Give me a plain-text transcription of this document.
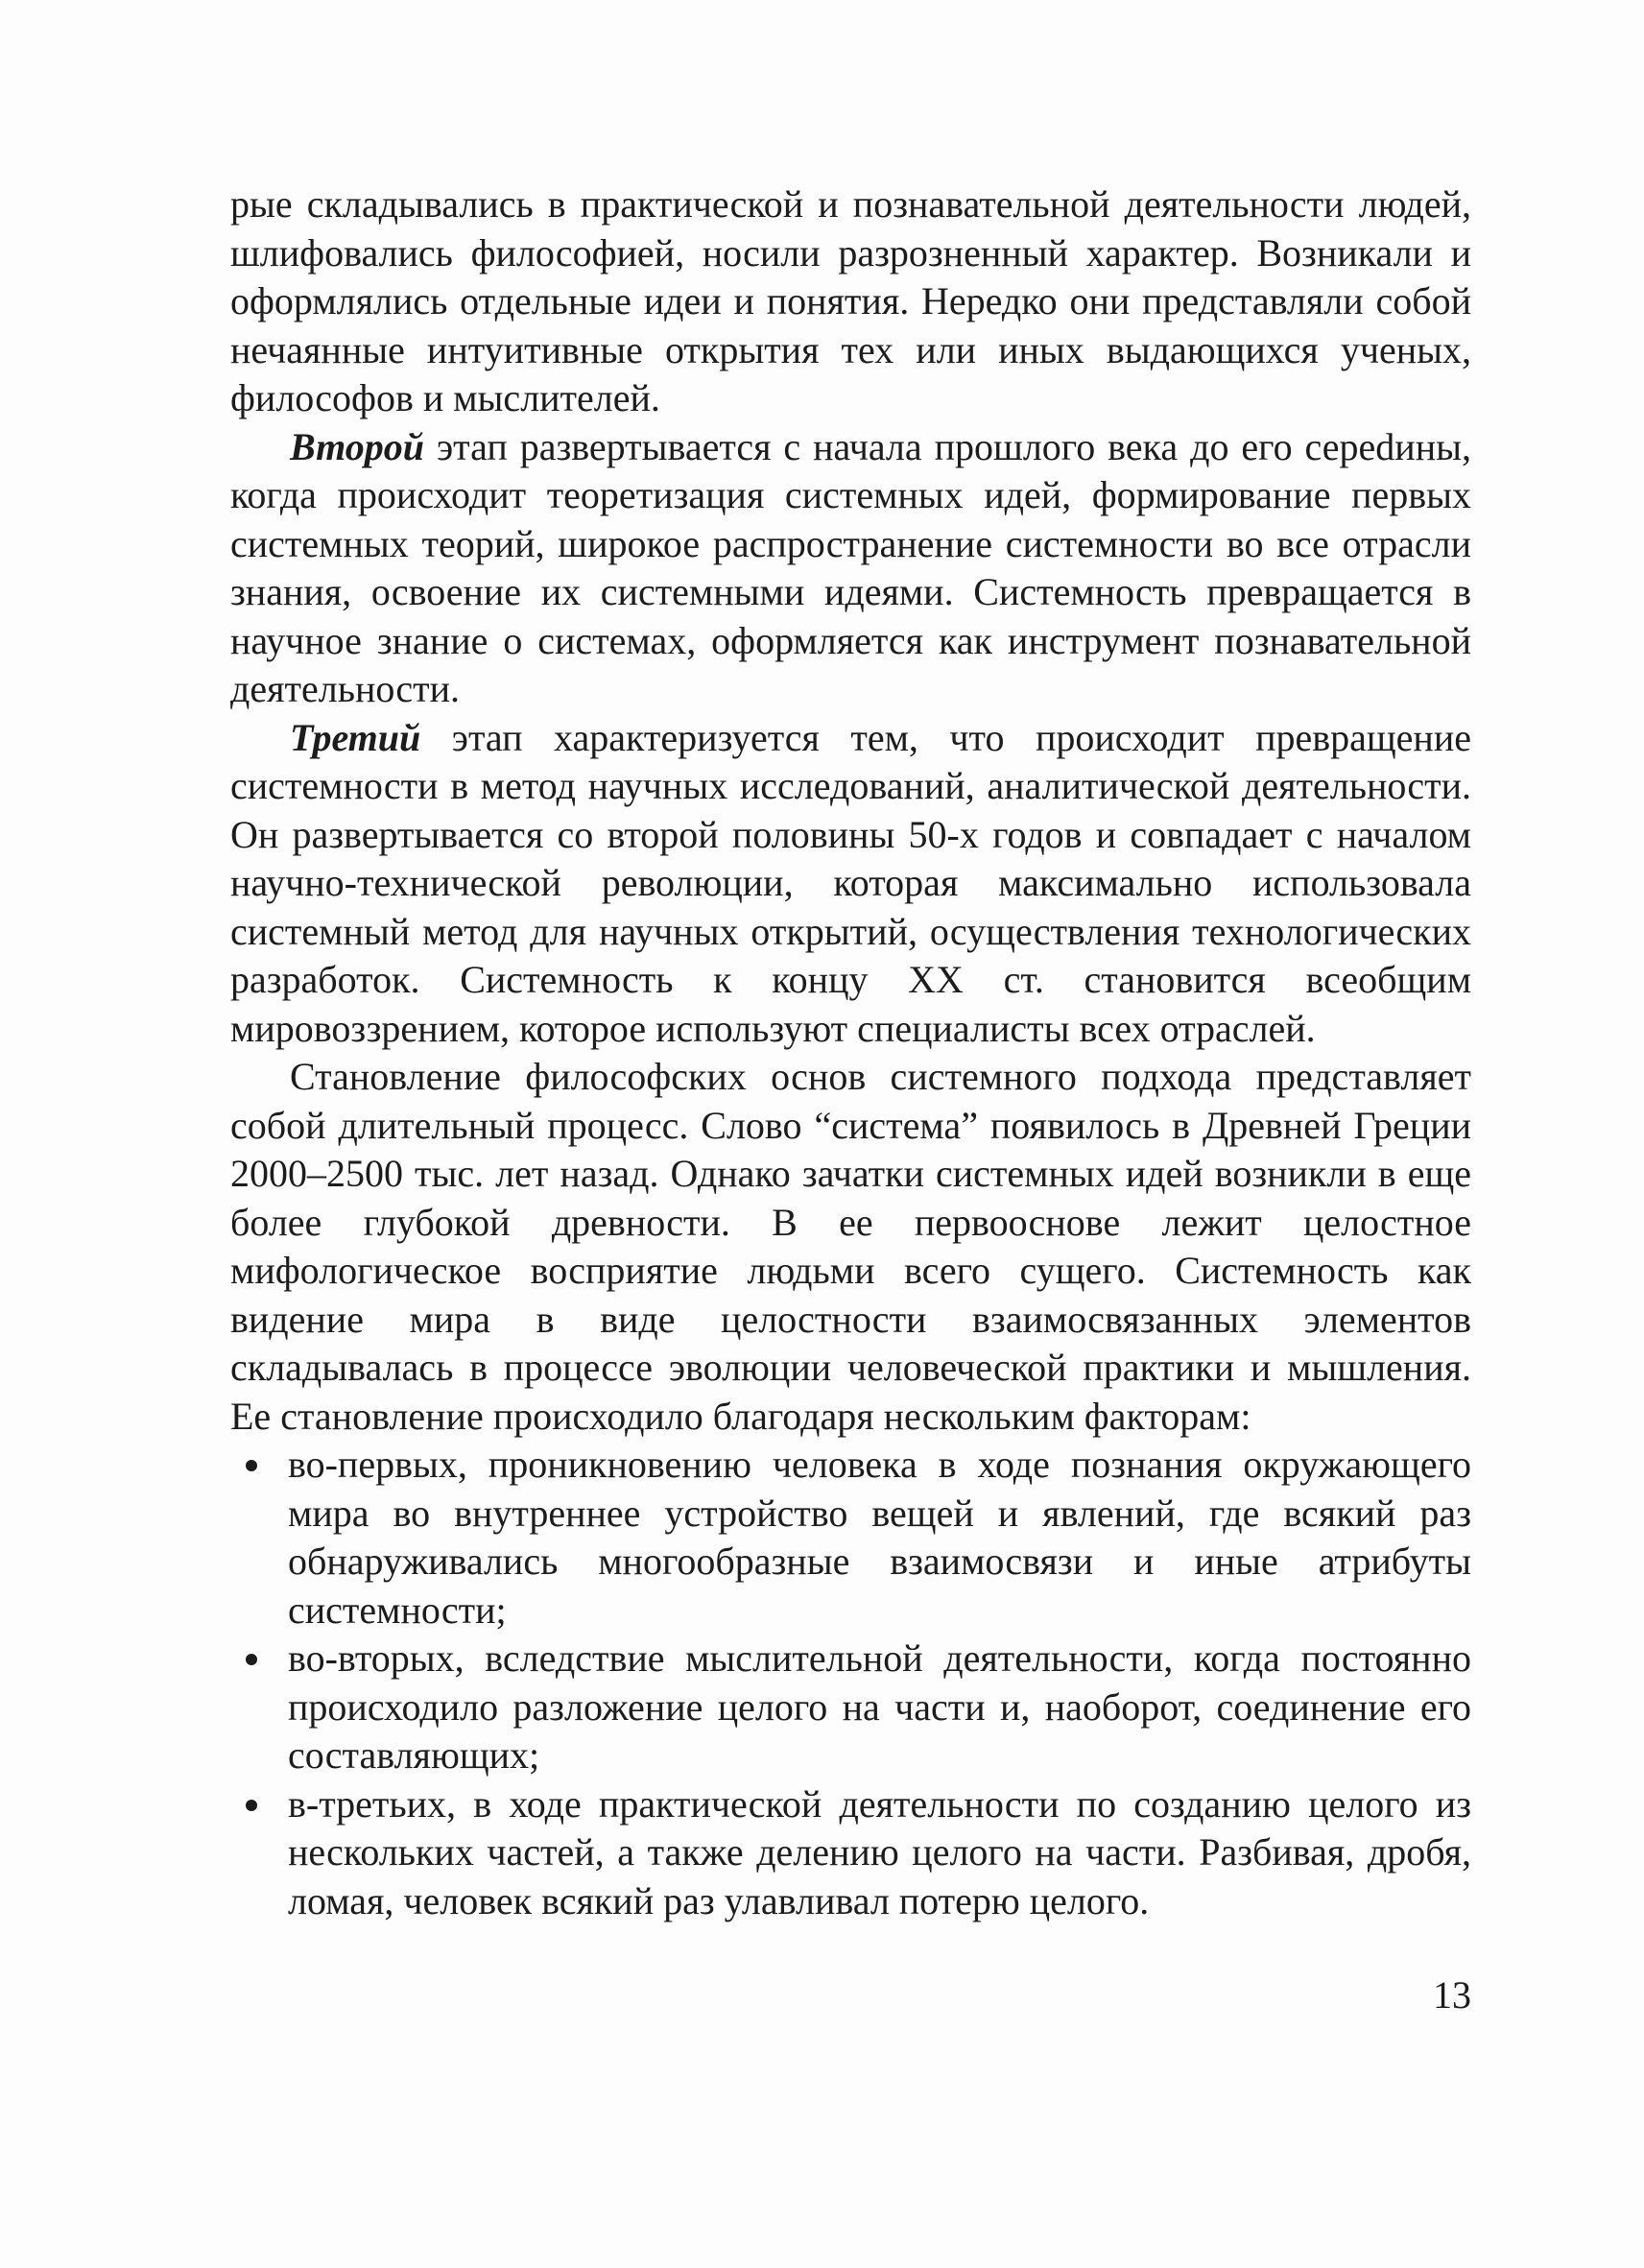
рые складывались в практической и познавательной деятельности людей, шлифовались философией, носили разрозненный характер. Возникали и оформлялись отдельные идеи и понятия. Нередко они представляли собой нечаянные интуитивные открытия тех или иных выдающихся ученых, философов и мыслителей.

Второй этап развертывается с начала прошлого века до его сереdины, когда происходит теоретизация системных идей, формирование первых системных теорий, широкое распространение системности во все отрасли знания, освоение их системными идеями. Системность превращается в научное знание о системах, оформляется как инструмент познавательной деятельности.

Третий этап характеризуется тем, что происходит превращение системности в метод научных исследований, аналитической деятельности. Он развертывается со второй половины 50-х годов и совпадает с началом научно-технической революции, которая максимально использовала системный метод для научных открытий, осуществления технологических разработок. Системность к концу XX ст. становится всеобщим мировоззрением, которое используют специалисты всех отраслей.

Становление философских основ системного подхода представляет собой длительный процесс. Слово “система” появилось в Древней Греции 2000–2500 тыс. лет назад. Однако зачатки системных идей возникли в еще более глубокой древности. В ее первооснове лежит целостное мифологическое восприятие людьми всего сущего. Системность как видение мира в виде целостности взаимосвязанных элементов складывалась в процессе эволюции человеческой практики и мышления. Ее становление происходило благодаря нескольким факторам:

во-первых, проникновению человека в ходе познания окружающего мира во внутреннее устройство вещей и явлений, где всякий раз обнаруживались многообразные взаимосвязи и иные атрибуты системности;
во-вторых, вследствие мыслительной деятельности, когда постоянно происходило разложение целого на части и, наоборот, соединение его составляющих;
в-третьих, в ходе практической деятельности по созданию целого из нескольких частей, а также делению целого на части. Разбивая, дробя, ломая, человек всякий раз улавливал потерю целого.
13
